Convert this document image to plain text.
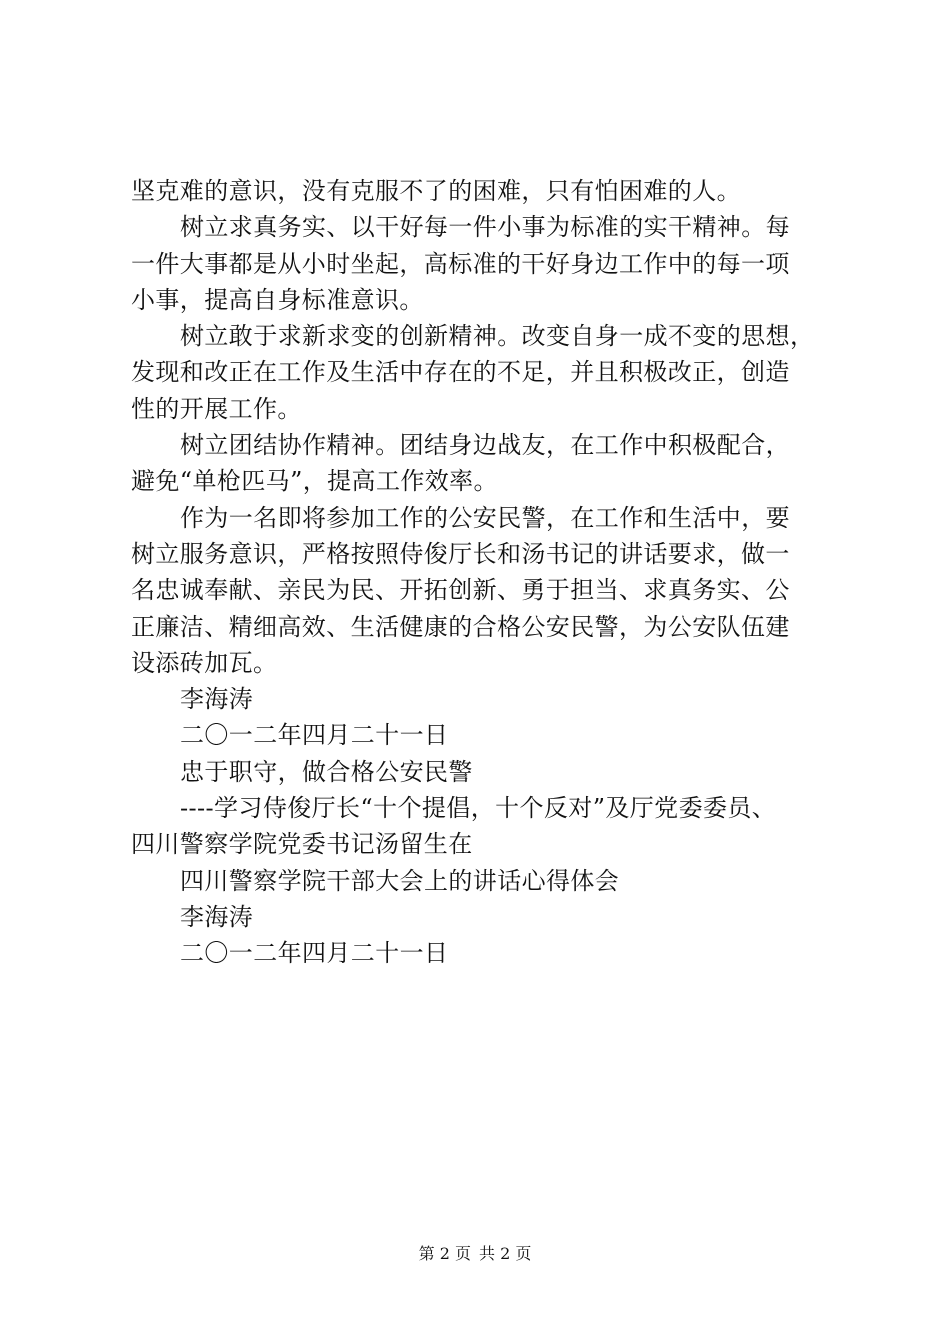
坚克难的意识，没有克服不了的困难，只有怕困难的人。
树立求真务实、以干好每一件小事为标准的实干精神。每
一件大事都是从小时坐起，高标准的干好身边工作中的每一项
小事，提高自身标准意识。
树立敢于求新求变的创新精神。改变自身一成不变的思想，
发现和改正在工作及生活中存在的不足，并且积极改正，创造
性的开展工作。
树立团结协作精神。团结身边战友，在工作中积极配合，
避免“单枪匹马”，提高工作效率。
作为一名即将参加工作的公安民警，在工作和生活中，要
树立服务意识，严格按照侍俊厅长和汤书记的讲话要求，做一
名忠诚奉献、亲民为民、开拓创新、勇于担当、求真务实、公
正廉洁、精细高效、生活健康的合格公安民警，为公安队伍建
设添砖加瓦。
李海涛
二〇一二年四月二十一日
忠于职守，做合格公安民警
----学习侍俊厅长“十个提倡，十个反对”及厅党委委员、
四川警察学院党委书记汤留生在
四川警察学院干部大会上的讲话心得体会
李海涛
二〇一二年四月二十一日
第 2 页 共 2 页
